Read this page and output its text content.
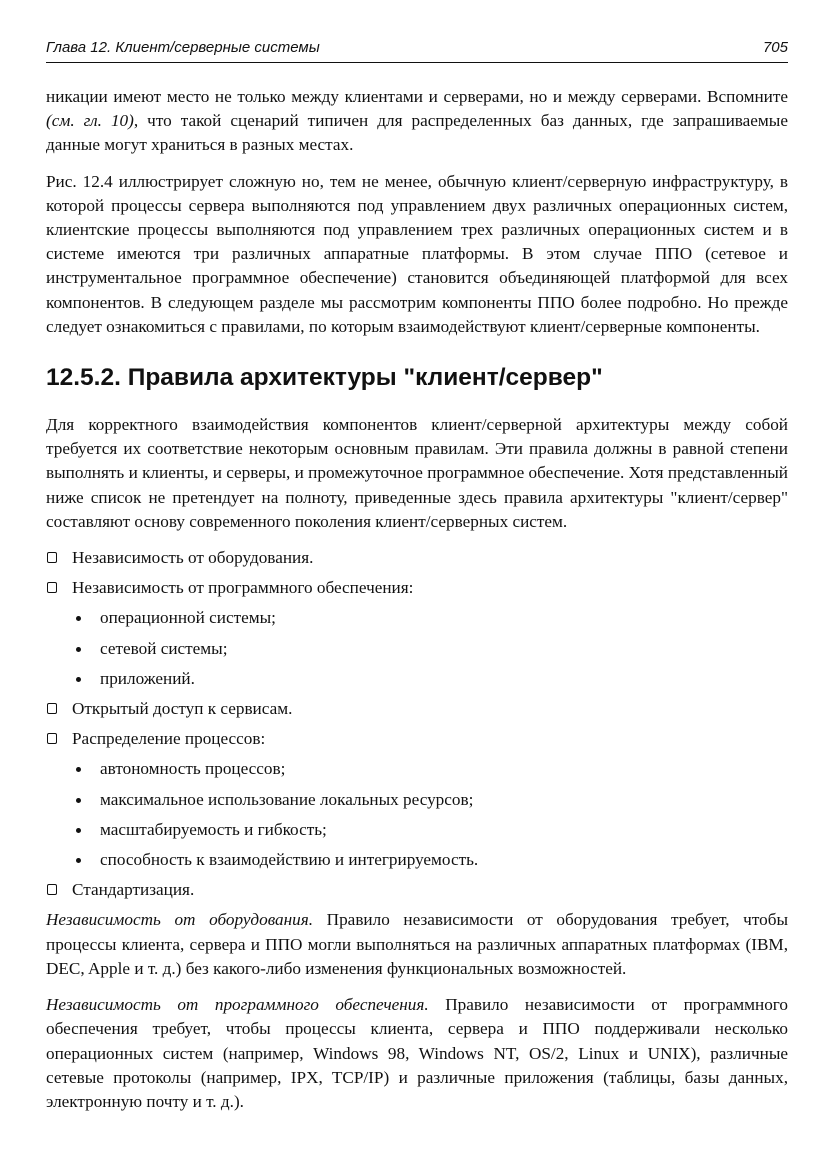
Глава 12. Клиент/серверные системы	705

никации имеют место не только между клиентами и серверами, но и между серверами. Вспомните (см. гл. 10), что такой сценарий типичен для распределенных баз данных, где запрашиваемые данные могут храниться в разных местах.

Рис. 12.4 иллюстрирует сложную но, тем не менее, обычную клиент/серверную инфраструктуру, в которой процессы сервера выполняются под управлением двух различных операционных систем, клиентские процессы выполняются под управлением трех различных операционных систем и в системе имеются три различных аппаратные платформы. В этом случае ППО (сетевое и инструментальное программное обеспечение) становится объединяющей платформой для всех компонентов. В следующем разделе мы рассмотрим компоненты ППО более подробно. Но прежде следует ознакомиться с правилами, по которым взаимодействуют клиент/серверные компоненты.

12.5.2. Правила архитектуры "клиент/сервер"

Для корректного взаимодействия компонентов клиент/серверной архитектуры между собой требуется их соответствие некоторым основным правилам. Эти правила должны в равной степени выполнять и клиенты, и серверы, и промежуточное программное обеспечение. Хотя представленный ниже список не претендует на полноту, приведенные здесь правила архитектуры "клиент/сервер" составляют основу современного поколения клиент/серверных систем.

Независимость от оборудования.
Независимость от программного обеспечения:
операционной системы;
сетевой системы;
приложений.
Открытый доступ к сервисам.
Распределение процессов:
автономность процессов;
максимальное использование локальных ресурсов;
масштабируемость и гибкость;
способность к взаимодействию и интегрируемость.
Стандартизация.

Независимость от оборудования. Правило независимости от оборудования требует, чтобы процессы клиента, сервера и ППО могли выполняться на различных аппаратных платформах (IBM, DEC, Apple и т. д.) без какого-либо изменения функциональных возможностей.

Независимость от программного обеспечения. Правило независимости от программного обеспечения требует, чтобы процессы клиента, сервера и ППО поддерживали несколько операционных систем (например, Windows 98, Windows NT, OS/2, Linux и UNIX), различные сетевые протоколы (например, IPX, TCP/IP) и различные приложения (таблицы, базы данных, электронную почту и т. д.).
